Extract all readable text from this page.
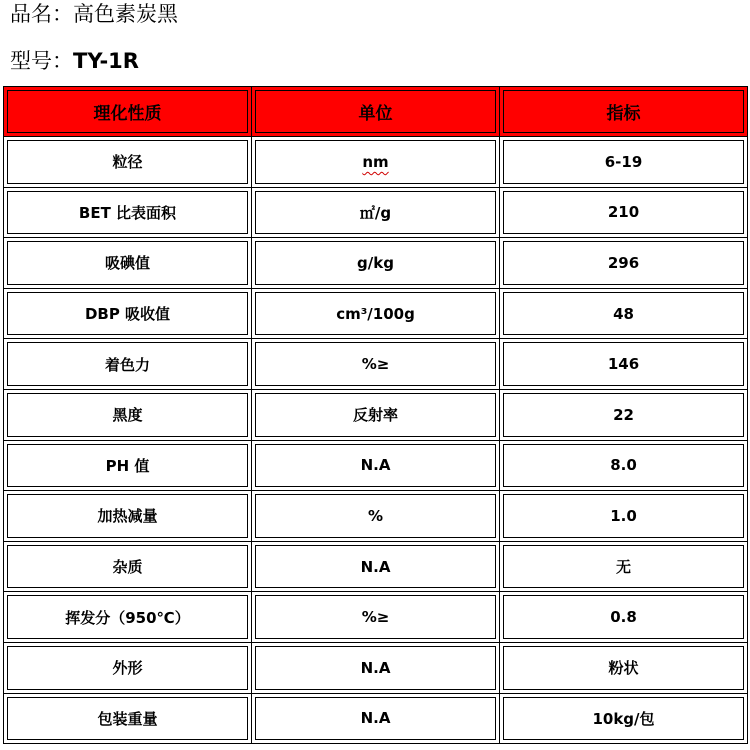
品名：高色素炭黑
型号：TY-1R
理化性质	单位	指标
粒径	nm	6-19
BET 比表面积	㎡/g	210
吸碘值	g/kg	296
DBP 吸收值	cm³/100g	48
着色力	%≥	146
黑度	反射率	22
PH 值	N.A	8.0
加热减量	%	1.0
杂质	N.A	无
挥发分（950℃）	%≥	0.8
外形	N.A	粉状
包装重量	N.A	10kg/包
